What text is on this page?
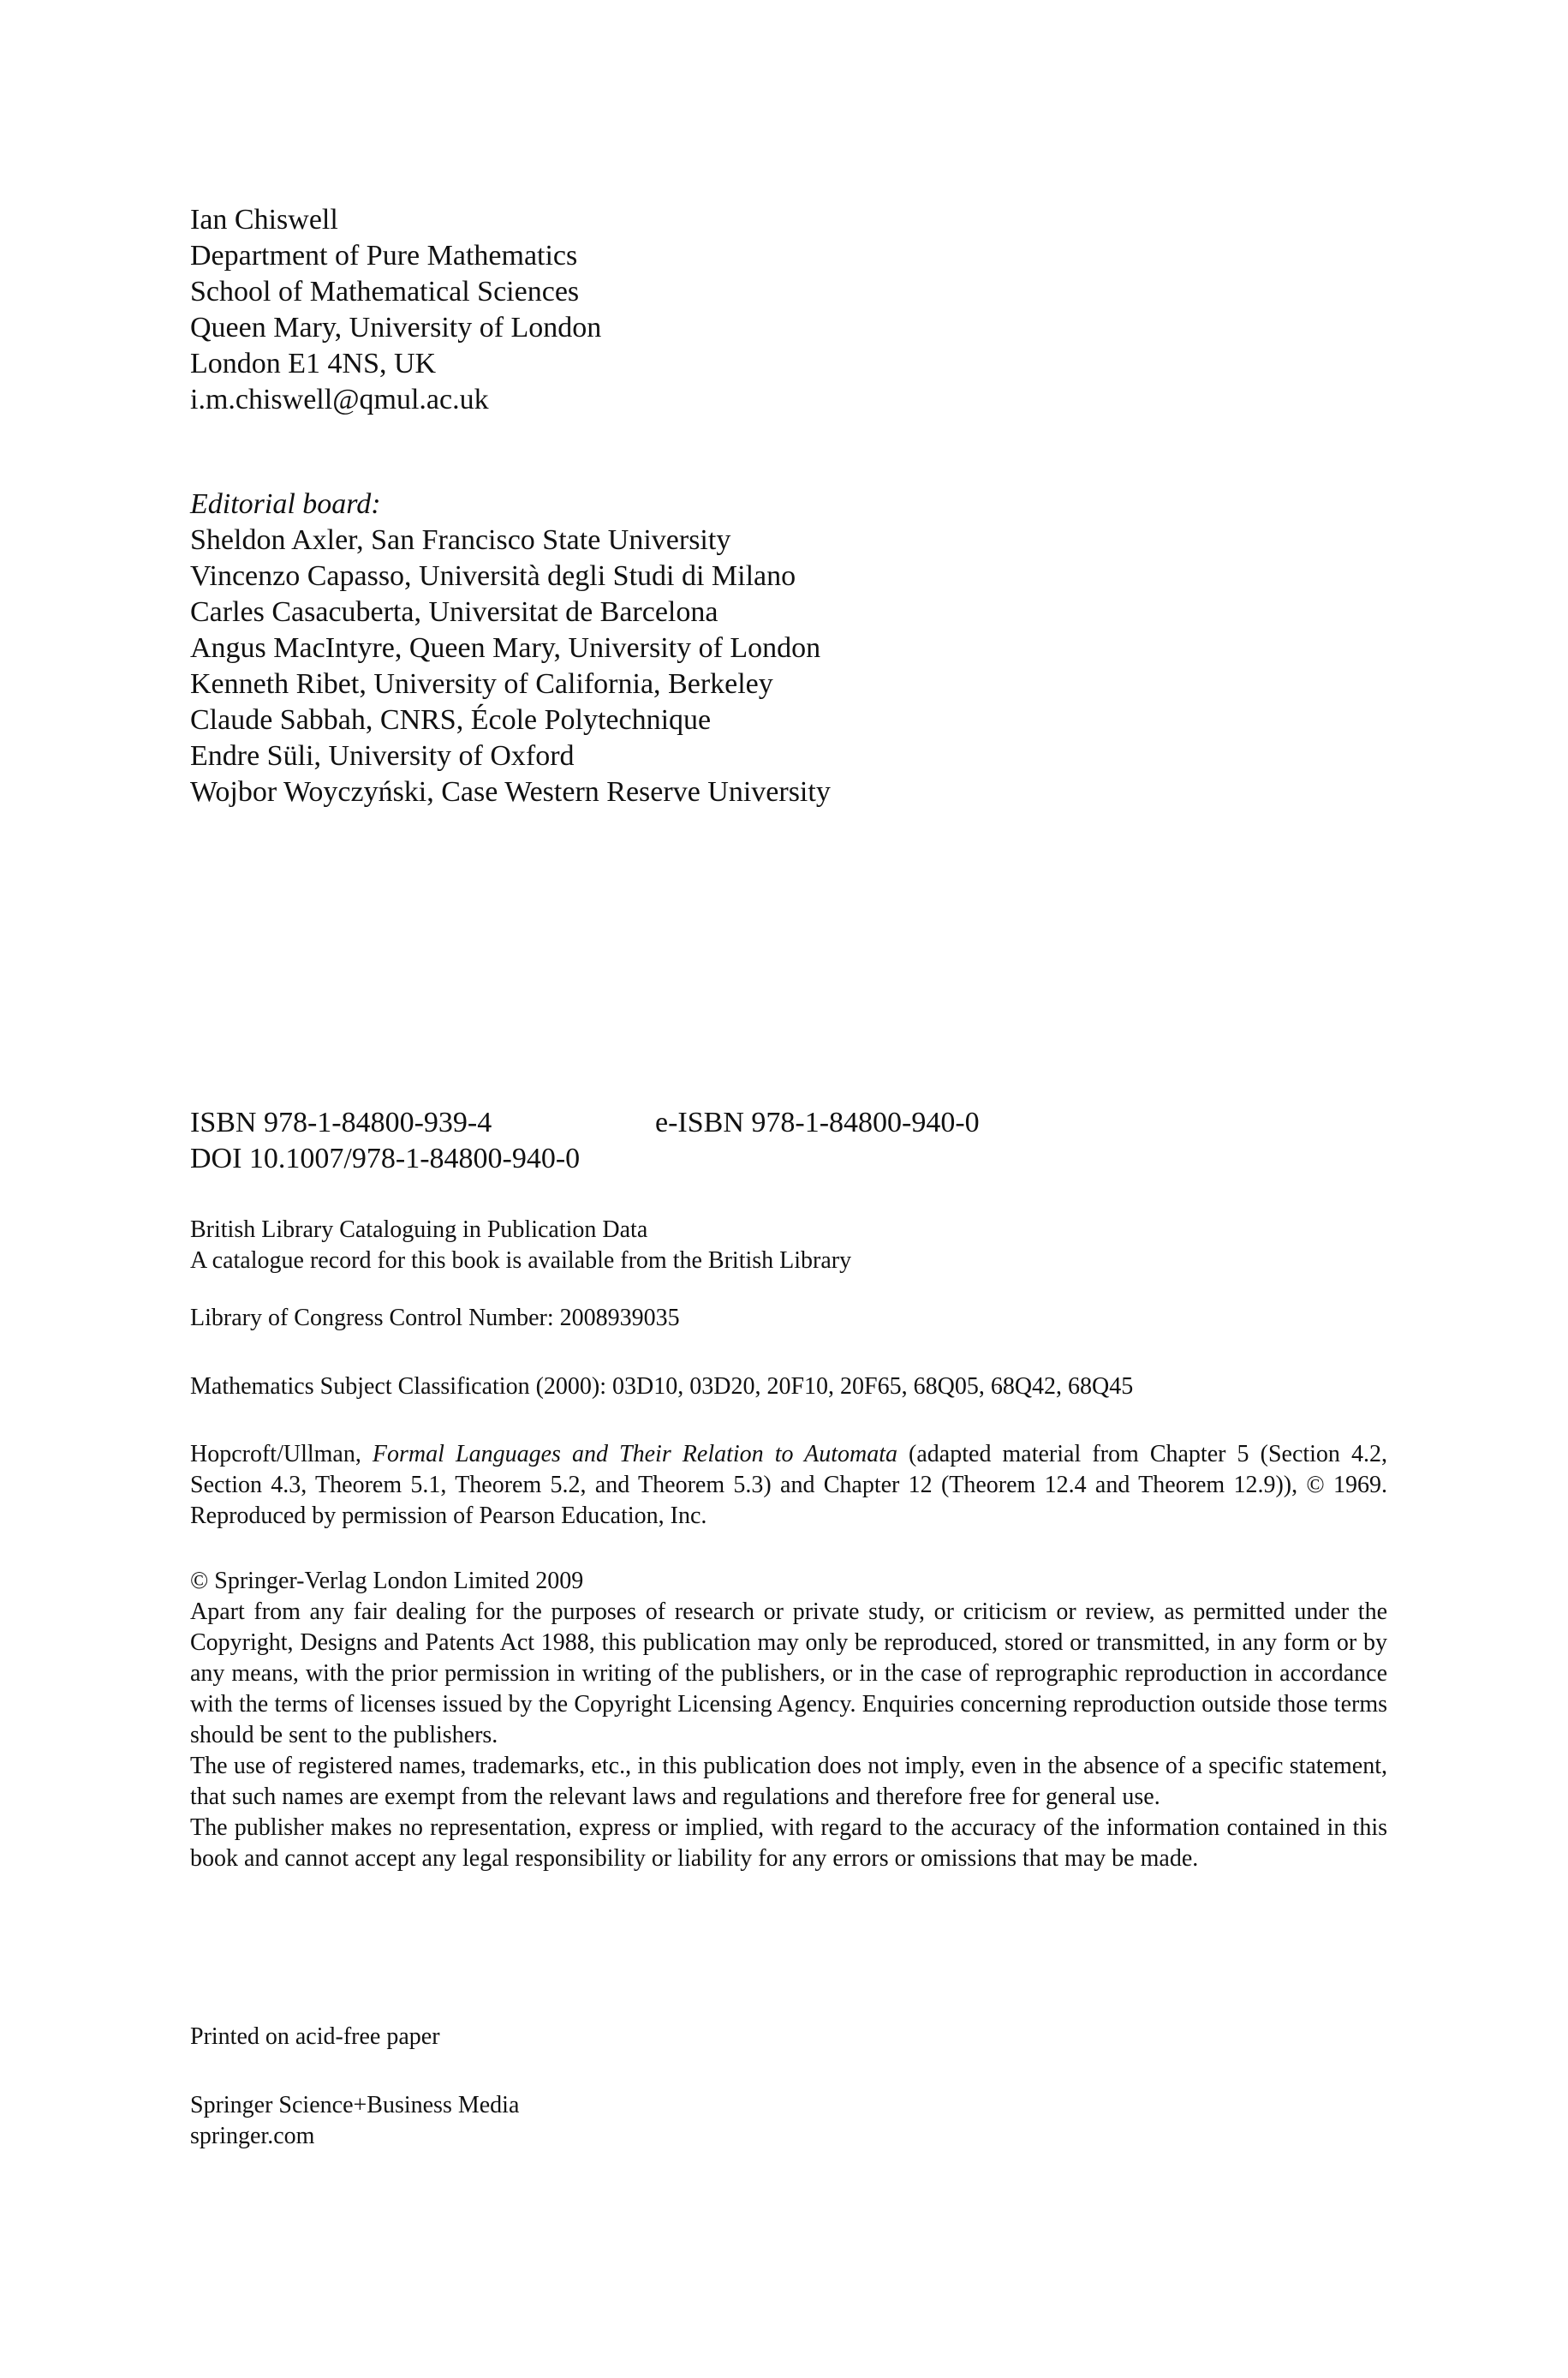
Ian Chiswell
Department of Pure Mathematics
School of Mathematical Sciences
Queen Mary, University of London
London E1 4NS, UK
i.m.chiswell@qmul.ac.uk
Editorial board:
Sheldon Axler, San Francisco State University
Vincenzo Capasso, Università degli Studi di Milano
Carles Casacuberta, Universitat de Barcelona
Angus MacIntyre, Queen Mary, University of London
Kenneth Ribet, University of California, Berkeley
Claude Sabbah, CNRS, École Polytechnique
Endre Süli, University of Oxford
Wojbor Woyczyński, Case Western Reserve University
ISBN 978-1-84800-939-4	e-ISBN 978-1-84800-940-0
DOI 10.1007/978-1-84800-940-0
British Library Cataloguing in Publication Data
A catalogue record for this book is available from the British Library
Library of Congress Control Number: 2008939035
Mathematics Subject Classification (2000): 03D10, 03D20, 20F10, 20F65, 68Q05, 68Q42, 68Q45

Hopcroft/Ullman, Formal Languages and Their Relation to Automata (adapted material from Chapter 5 (Section 4.2, Section 4.3, Theorem 5.1, Theorem 5.2, and Theorem 5.3) and Chapter 12 (Theorem 12.4 and Theorem 12.9)), © 1969. Reproduced by permission of Pearson Education, Inc.

© Springer-Verlag London Limited 2009

Apart from any fair dealing for the purposes of research or private study, or criticism or review, as permitted under the Copyright, Designs and Patents Act 1988, this publication may only be reproduced, stored or transmitted, in any form or by any means, with the prior permission in writing of the publishers, or in the case of reprographic reproduction in accordance with the terms of licenses issued by the Copyright Licensing Agency. Enquiries concerning reproduction outside those terms should be sent to the publishers.

The use of registered names, trademarks, etc., in this publication does not imply, even in the absence of a specific statement, that such names are exempt from the relevant laws and regulations and therefore free for general use.

The publisher makes no representation, express or implied, with regard to the accuracy of the information contained in this book and cannot accept any legal responsibility or liability for any errors or omissions that may be made.

Printed on acid-free paper
Springer Science+Business Media
springer.com
